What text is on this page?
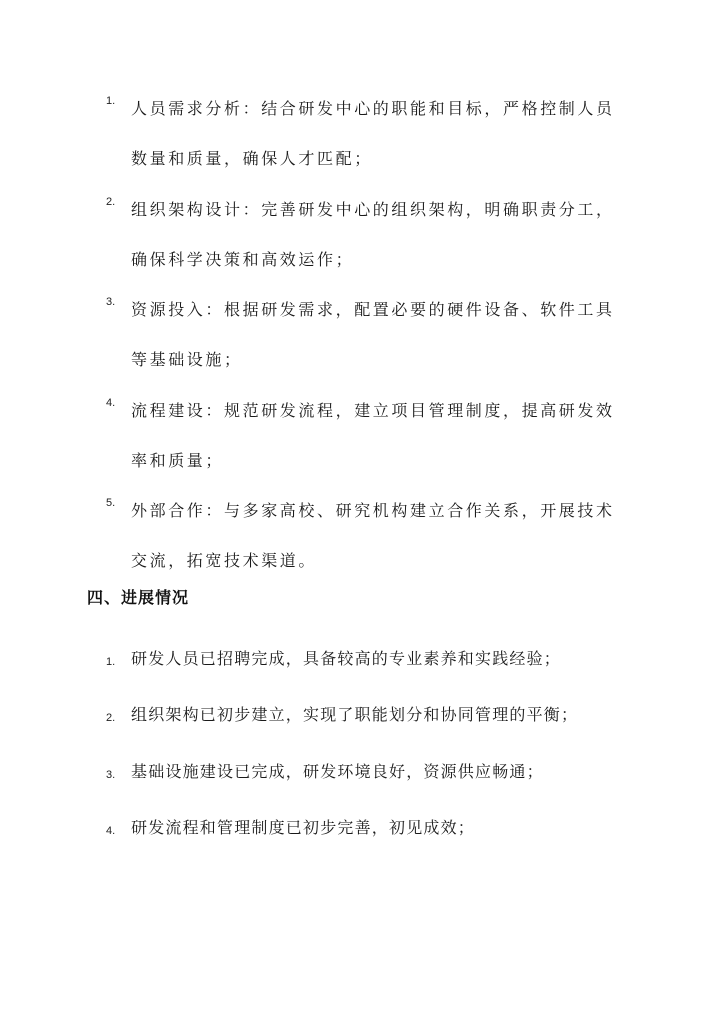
1. 人员需求分析：结合研发中心的职能和目标，严格控制人员数量和质量，确保人才匹配；
2. 组织架构设计：完善研发中心的组织架构，明确职责分工，确保科学决策和高效运作；
3. 资源投入：根据研发需求，配置必要的硬件设备、软件工具等基础设施；
4. 流程建设：规范研发流程，建立项目管理制度，提高研发效率和质量；
5. 外部合作：与多家高校、研究机构建立合作关系，开展技术交流，拓宽技术渠道。
四、进展情况
1. 研发人员已招聘完成，具备较高的专业素养和实践经验；
2. 组织架构已初步建立，实现了职能划分和协同管理的平衡；
3. 基础设施建设已完成，研发环境良好，资源供应畅通；
4. 研发流程和管理制度已初步完善，初见成效；
